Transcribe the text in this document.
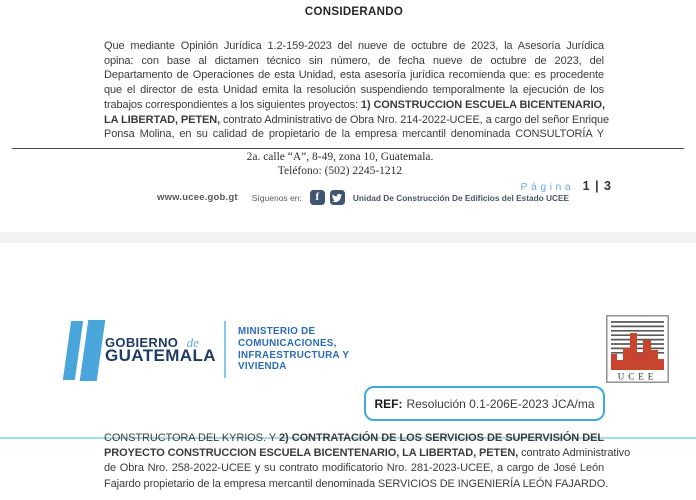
CONSIDERANDO
Que mediante Opinión Jurídica 1.2-159-2023 del nueve de octubre de 2023, la Asesoría Jurídica
opina: con base al dictamen técnico sin número, de fecha nueve de octubre de 2023, del
Departamento de Operaciones de esta Unidad, esta asesoría jurídica recomienda que: es procedente
que el director de esta Unidad emita la resolución suspendiendo temporalmente la ejecución de los
trabajos correspondientes a los siguientes proyectos: 1) CONSTRUCCION ESCUELA BICENTENARIO,
LA LIBERTAD, PETEN, contrato Administrativo de Obra Nro. 214-2022-UCEE, a cargo del señor Enrique
Ponsa Molina, en su calidad de propietario de la empresa mercantil denominada CONSULTORÍA Y
2a. calle “A”, 8-49, zona 10, Guatemala.
Teléfono: (502) 2245-1212
Página 1 | 3
www.ucee.gob.gt Síguenos en: f	Unidad De Construcción De Edificios del Estado UCEE
GOBIERNO de
GUATEMALA
MINISTERIO DE
COMUNICACIONES,
INFRAESTRUCTURA Y
VIVIENDA
UCEE
REF: Resolución 0.1-206E-2023 JCA/ma
CONSTRUCTORA DEL KYRIOS. Y 2) CONTRATACIÓN DE LOS SERVICIOS DE SUPERVISIÓN DEL
PROYECTO CONSTRUCCION ESCUELA BICENTENARIO, LA LIBERTAD, PETEN, contrato Administrativo
de Obra Nro. 258-2022-UCEE y su contrato modificatorio Nro. 281-2023-UCEE, a cargo de José León
Fajardo propietario de la empresa mercantil denominada SERVICIOS DE INGENIERÍA LEÓN FAJARDO.
